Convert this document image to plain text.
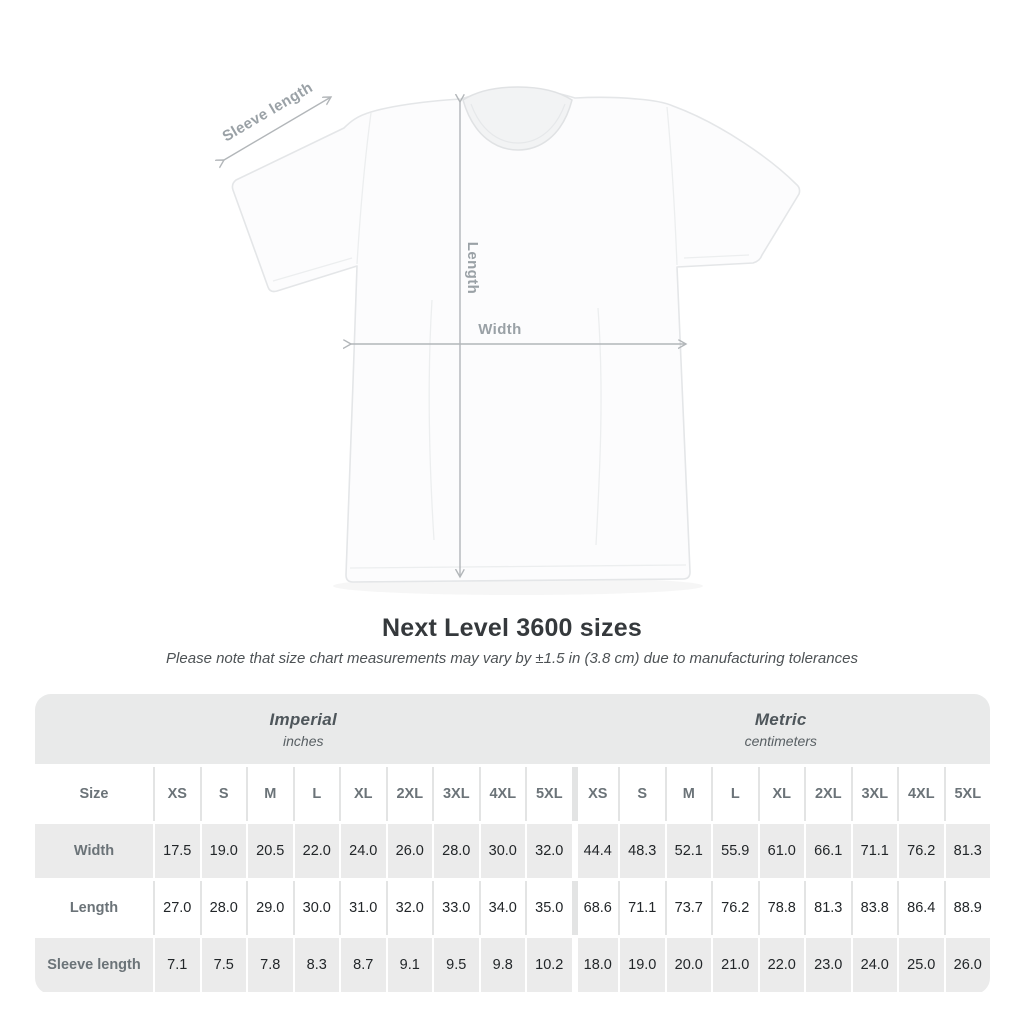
Sleeve length
Length
Width
Next Level 3600 sizes

Please note that size chart measurements may vary by ±1.5 in (3.8 cm) due to manufacturing tolerances

Imperial
inches
Metric
centimeters
Size	XS	S	M	L	XL	2XL	3XL	4XL	5XL	XS	S	M	L	XL	2XL	3XL	4XL	5XL
Width	17.5	19.0	20.5	22.0	24.0	26.0	28.0	30.0	32.0	44.4	48.3	52.1	55.9	61.0	66.1	71.1	76.2	81.3
Length	27.0	28.0	29.0	30.0	31.0	32.0	33.0	34.0	35.0	68.6	71.1	73.7	76.2	78.8	81.3	83.8	86.4	88.9
Sleeve length	7.1	7.5	7.8	8.3	8.7	9.1	9.5	9.8	10.2	18.0	19.0	20.0	21.0	22.0	23.0	24.0	25.0	26.0
